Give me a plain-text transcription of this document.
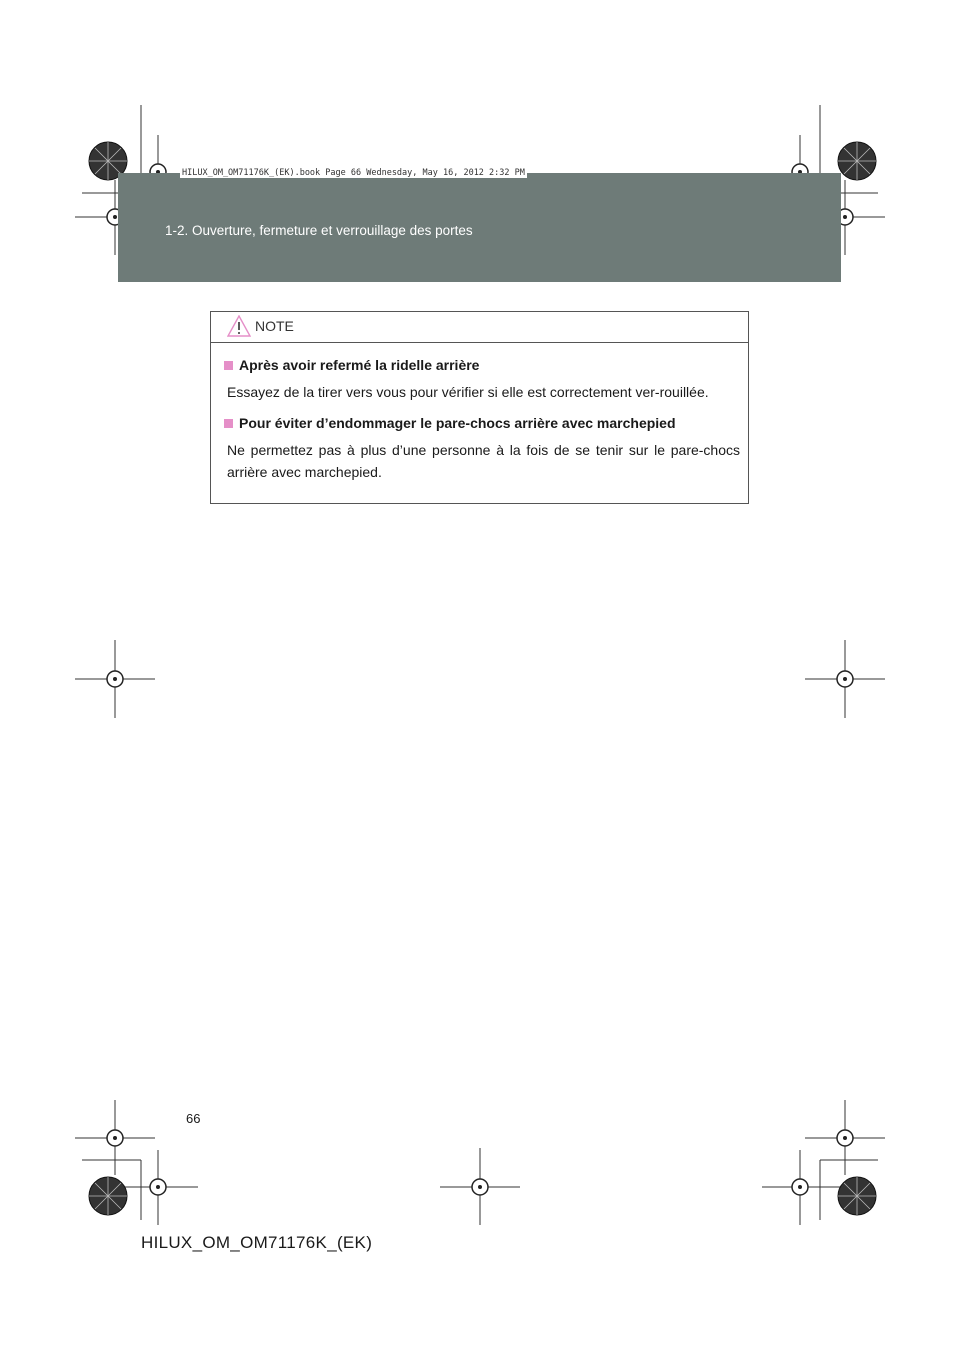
1-2. Ouverture, fermeture et verrouillage des portes
HILUX_OM_OM71176K_(EK).book Page 66 Wednesday, May 16, 2012 2:32 PM
NOTE
Après avoir refermé la ridelle arrière

Essayez de la tirer vers vous pour vérifier si elle est correctement ver-rouillée.

Pour éviter d’endommager le pare-chocs arrière avec marchepied

Ne permettez pas à plus d’une personne à la fois de se tenir sur le pare-chocs arrière avec marchepied.

66
HILUX_OM_OM71176K_(EK)
